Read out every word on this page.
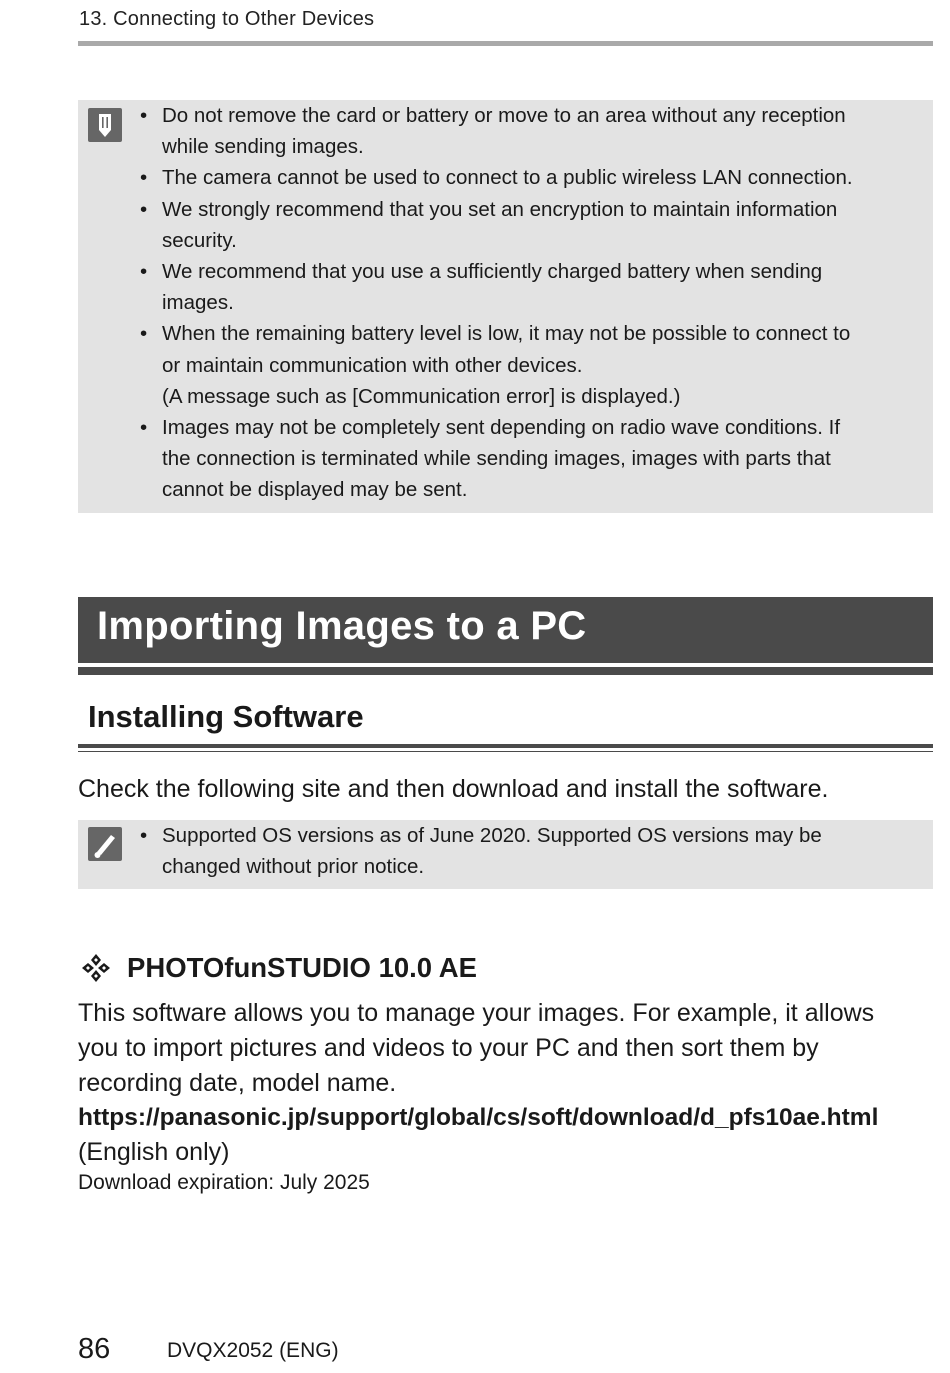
13. Connecting to Other Devices
• Do not remove the card or battery or move to an area without any reception
while sending images.
• The camera cannot be used to connect to a public wireless LAN connection.
• We strongly recommend that you set an encryption to maintain information
security.
• We recommend that you use a sufficiently charged battery when sending
images.
• When the remaining battery level is low, it may not be possible to connect to
or maintain communication with other devices.
(A message such as [Communication error] is displayed.)
• Images may not be completely sent depending on radio wave conditions. If
the connection is terminated while sending images, images with parts that
cannot be displayed may be sent.
Importing Images to a PC
Installing Software
Check the following site and then download and install the software.
• Supported OS versions as of June 2020. Supported OS versions may be
changed without prior notice.
PHOTOfunSTUDIO 10.0 AE
This software allows you to manage your images. For example, it allows
you to import pictures and videos to your PC and then sort them by
recording date, model name.
https://panasonic.jp/support/global/cs/soft/download/d_pfs10ae.html
(English only)
Download expiration: July 2025
86	DVQX2052 (ENG)
